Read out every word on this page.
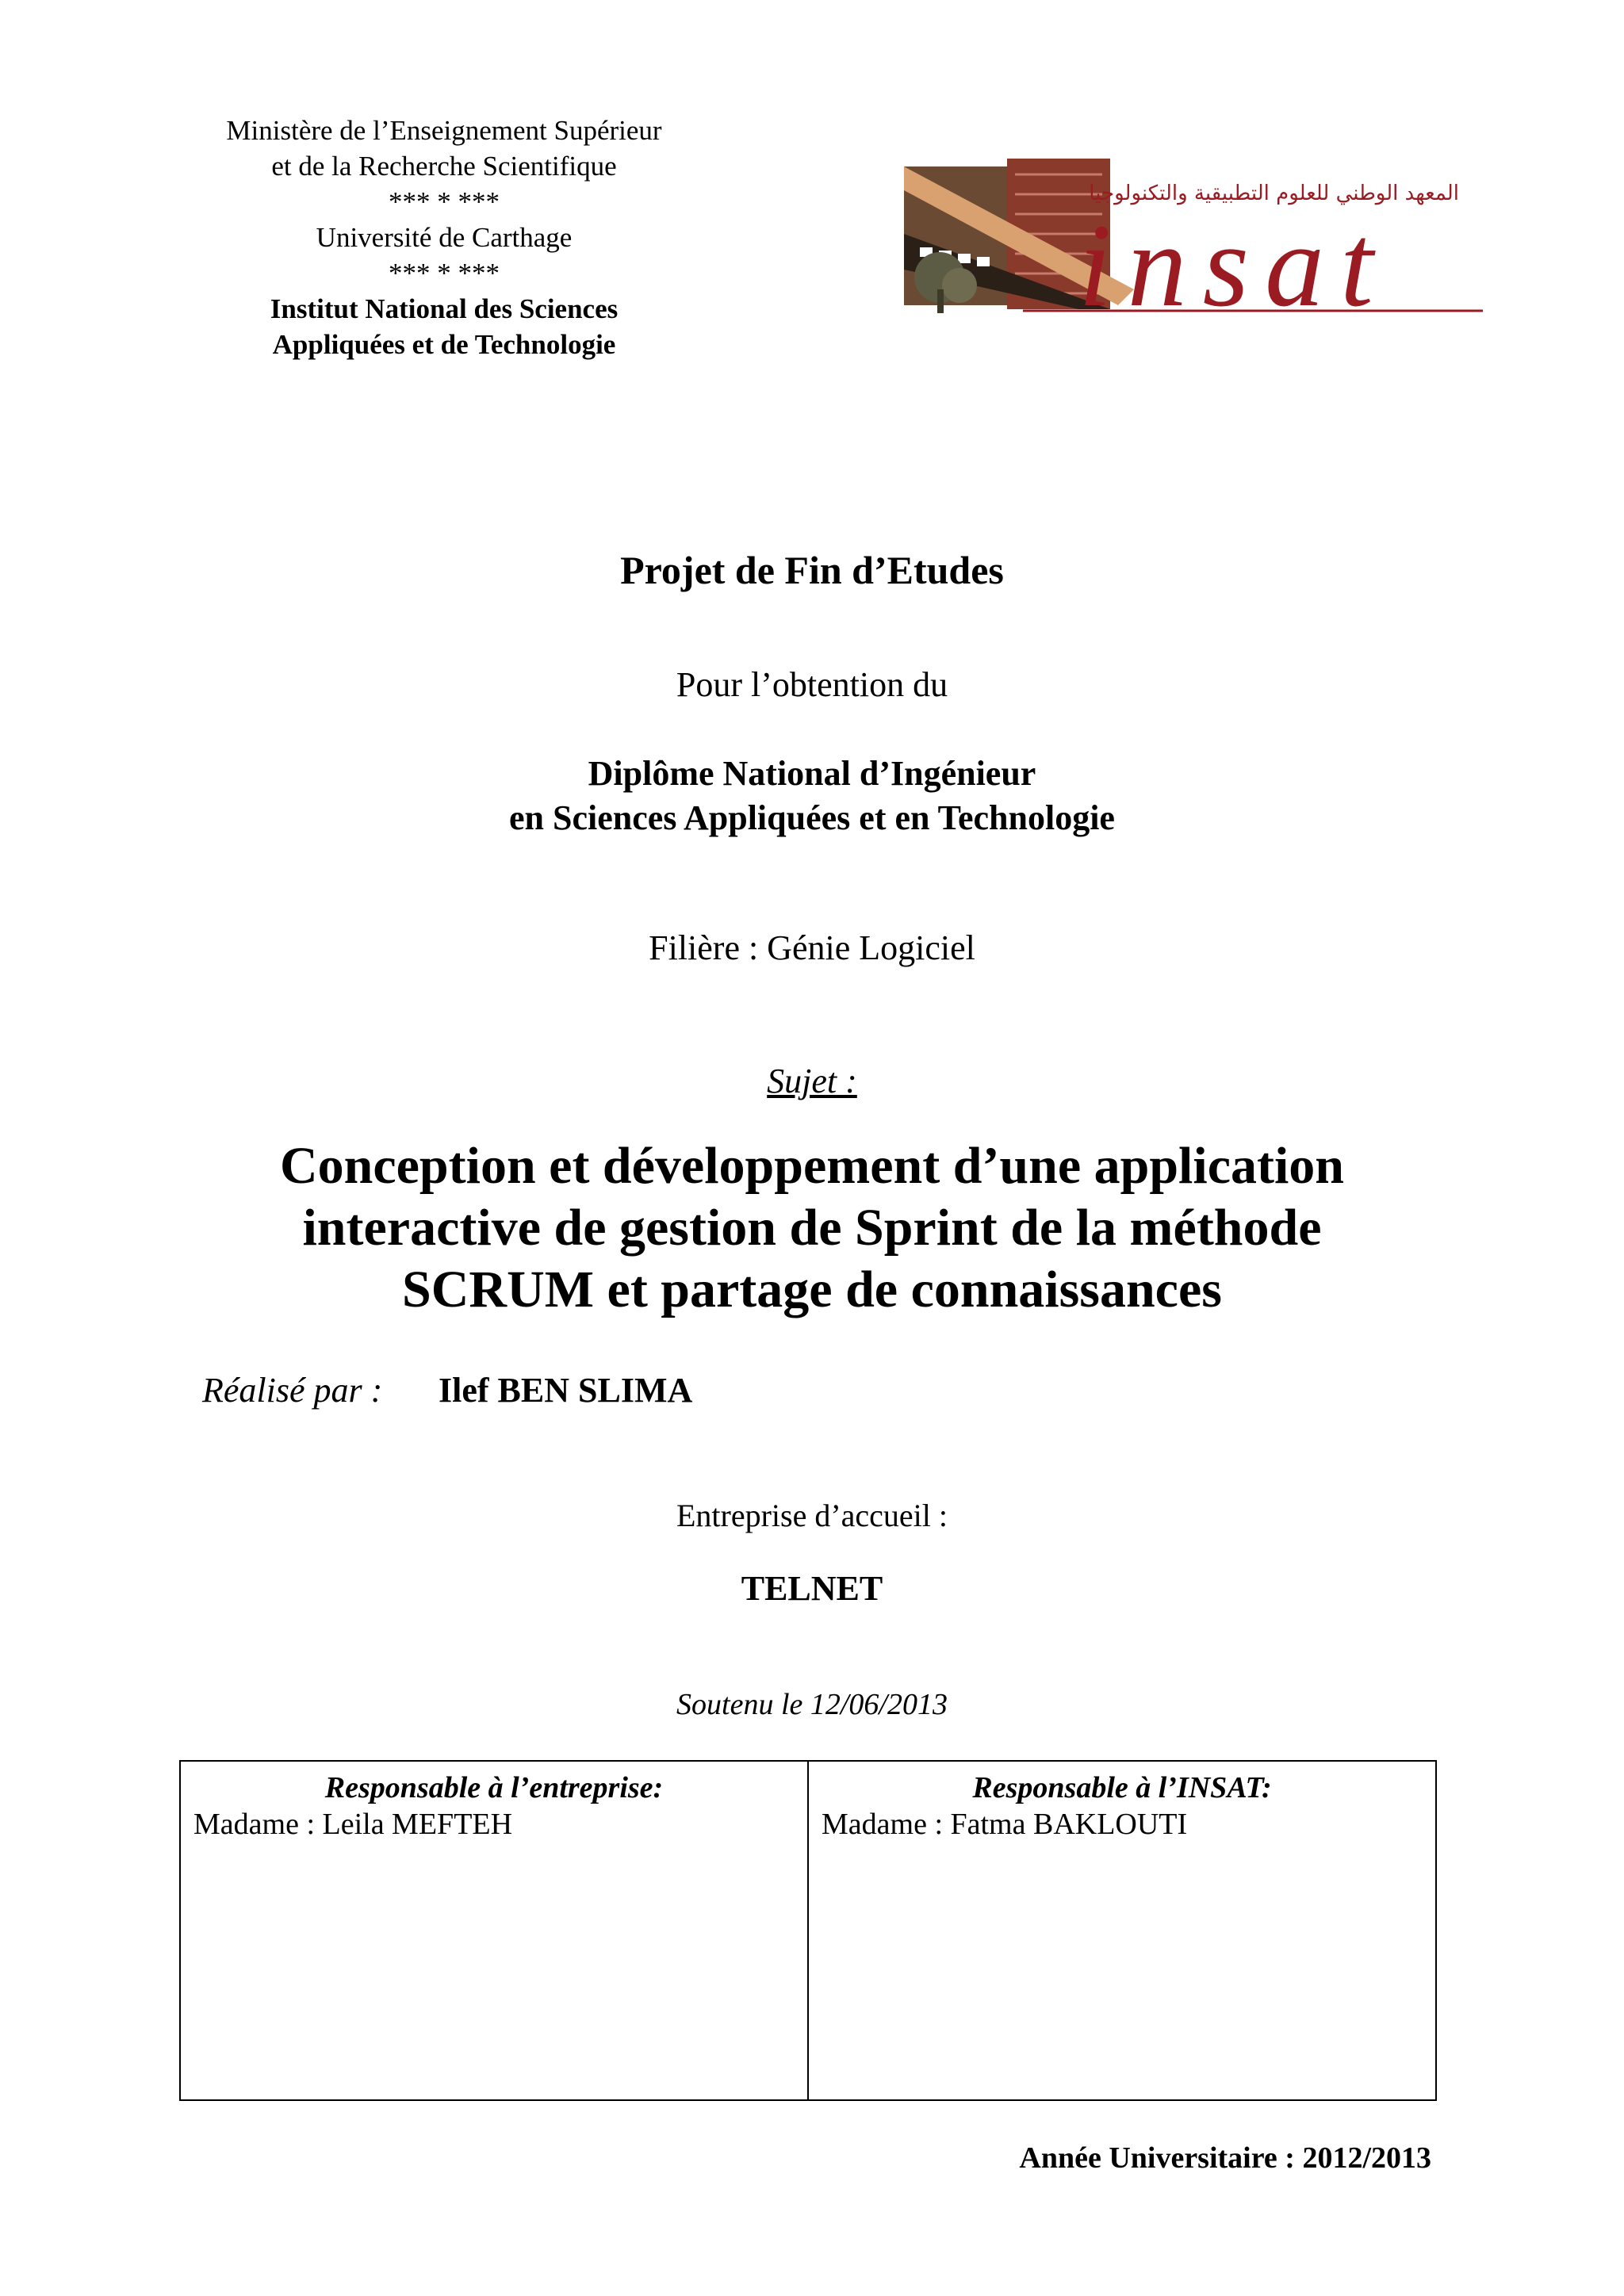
Ministère de l’Enseignement Supérieur
et de la Recherche Scientifique
*** * ***
Université de Carthage
*** * ***
Institut National des Sciences
Appliquées et de Technologie
المعهد الوطني للعلوم التطبيقية والتكنولوجيا
insat
Projet de Fin d’Etudes
Pour l’obtention du
Diplôme National d’Ingénieur
en Sciences Appliquées et en Technologie
Filière : Génie Logiciel
Sujet :
Conception et développement d’une application
interactive de gestion de Sprint de la méthode
SCRUM et partage de connaissances
Réalisé par : Ilef BEN SLIMA
Entreprise d’accueil :
TELNET
Soutenu le 12/06/2013
Responsable à l’entreprise:
Madame : Leila MEFTEH
Responsable à l’INSAT:
Madame : Fatma BAKLOUTI
Année Universitaire : 2012/2013
